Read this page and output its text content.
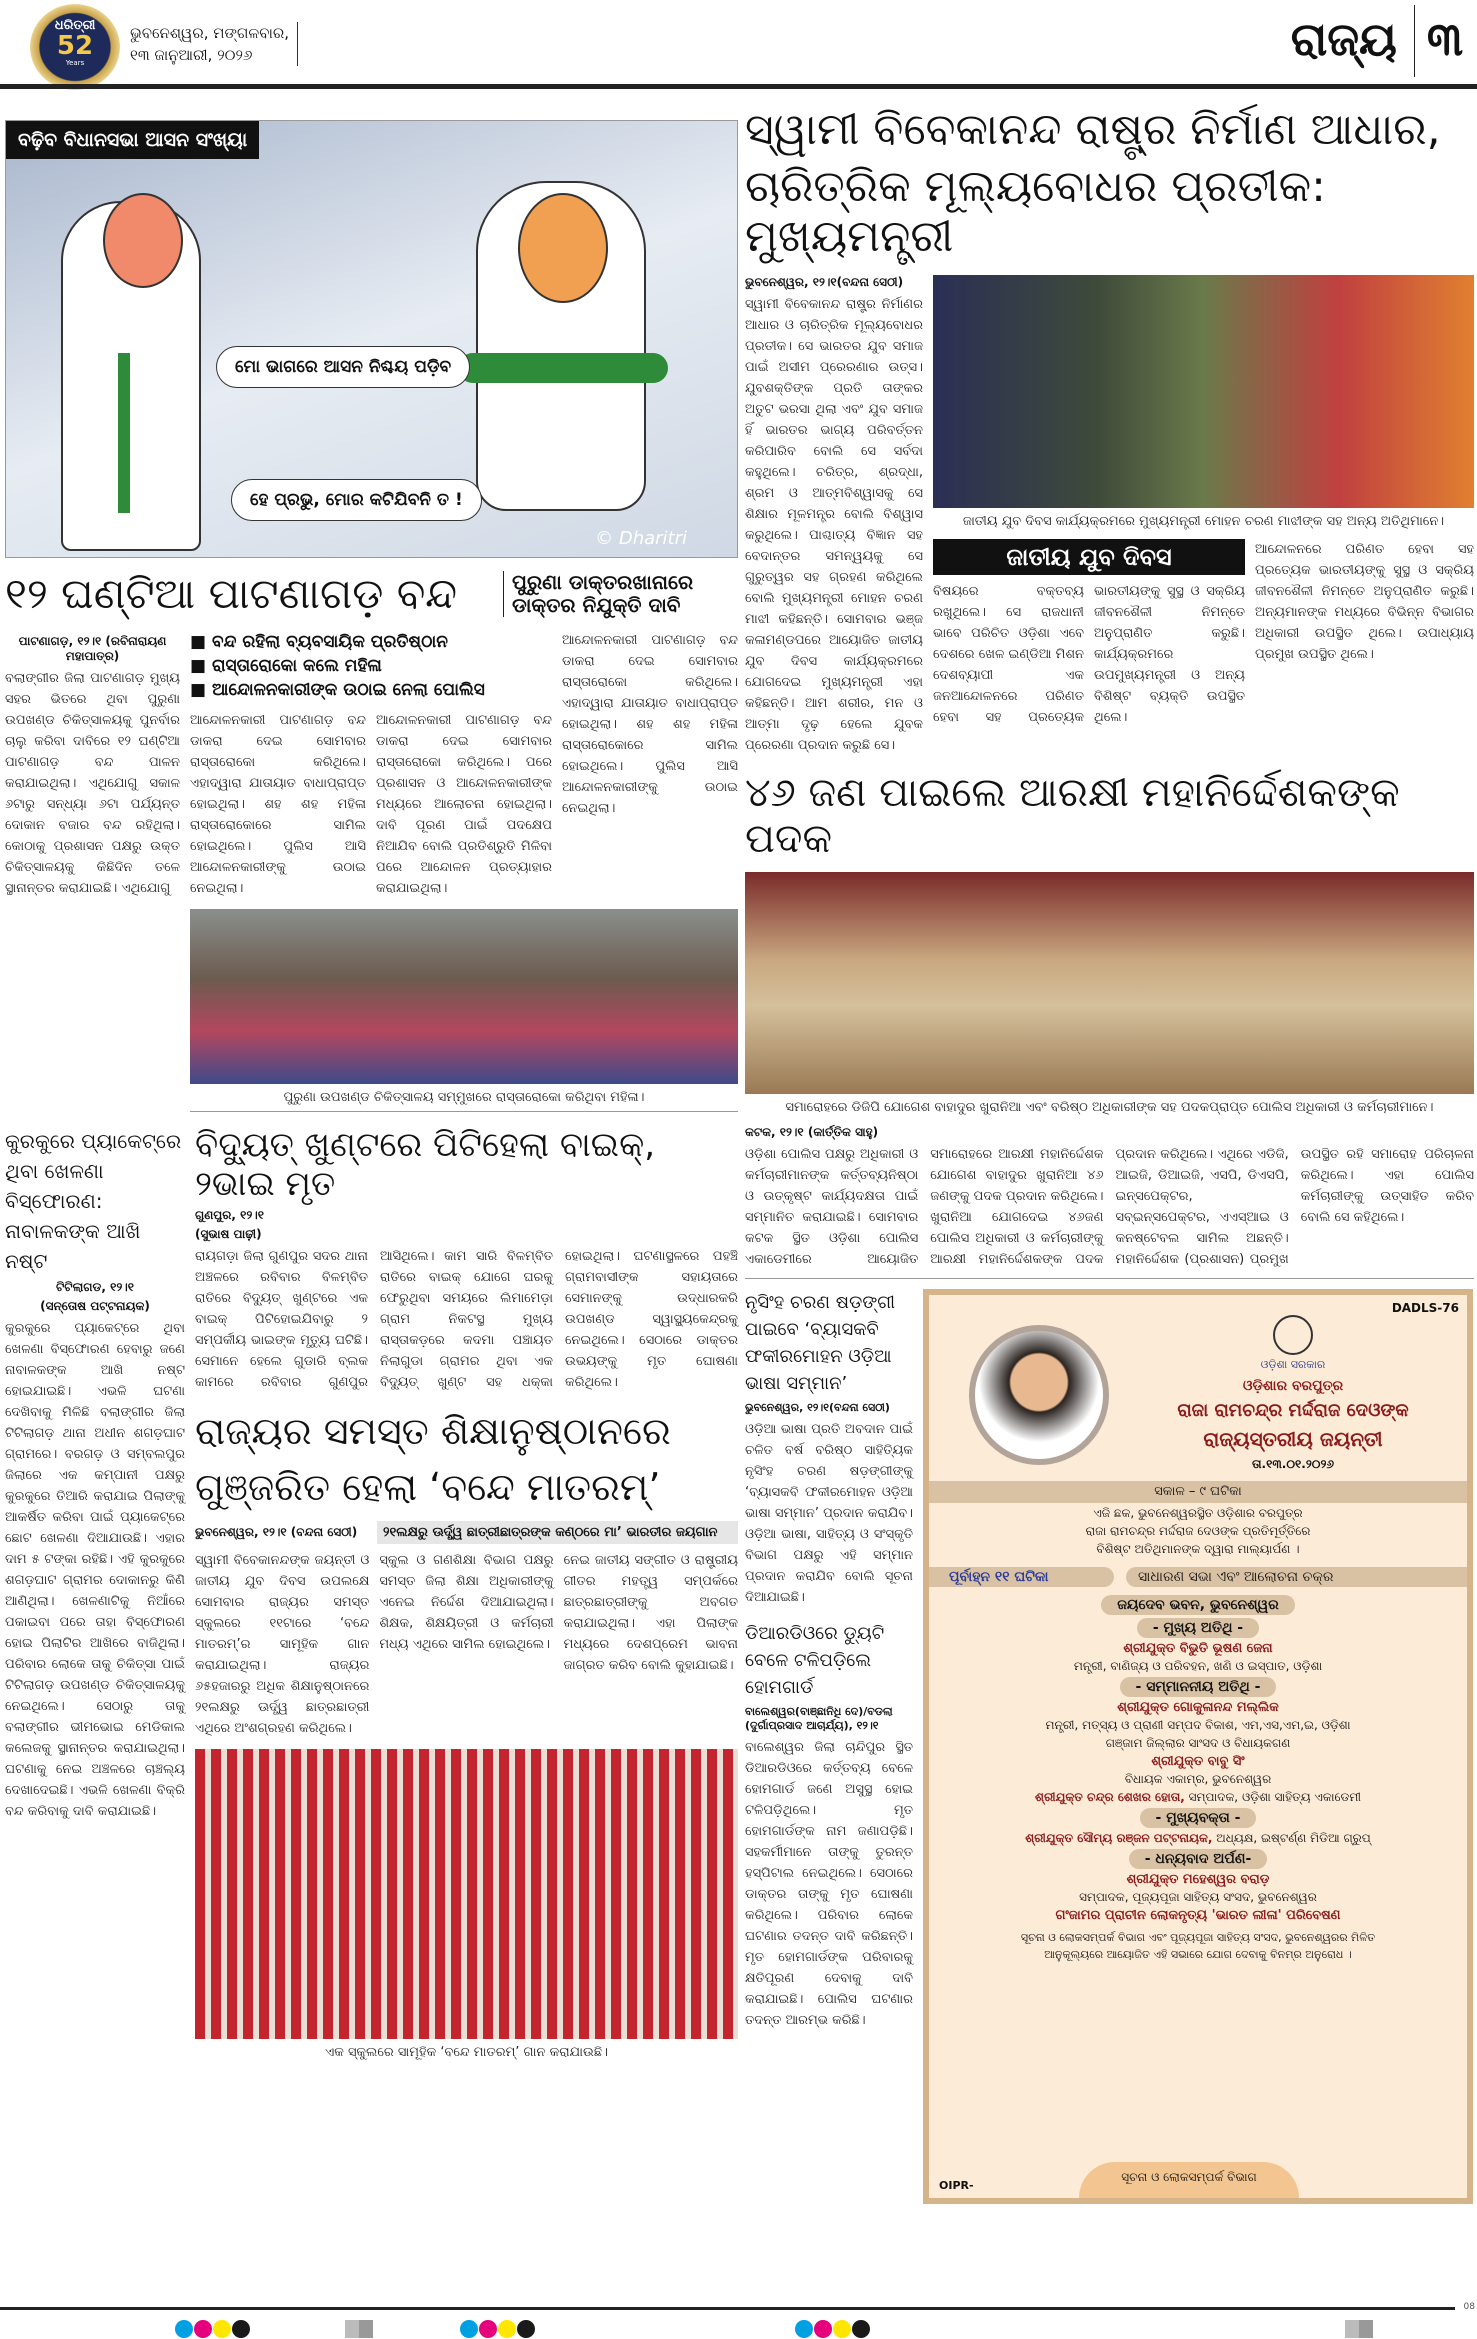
ଧରିତ୍ରୀ
52
Years
ଭୁବନେଶ୍ୱର, ମଙ୍ଗଳବାର,
୧୩ ଜାନୁଆରୀ, ୨୦୨୬	ରାଜ୍ୟ ୩
ବଢ଼ିବ ବିଧାନସଭା ଆସନ ସଂଖ୍ୟା
ମୋ ଭାଗରେ ଆସନ ନିଶ୍ଚୟ ପଡ଼ିବ
ହେ ପ୍ରଭୁ, ମୋର କଟିଯିବନି ତ !
© Dharitri
୧୨ ଘଣ୍ଟିଆ ପାଟଣାଗଡ଼ ବନ୍ଦ	ପୁରୁଣା ଡାକ୍ତରଖାନାରେ ଡାକ୍ତର ନିଯୁକ୍ତି ଦାବି
ପାଟଣାଗଡ଼, ୧୨।୧ (ରବିନାରାୟଣ ମହାପାତ୍ର)
ବଲାଙ୍ଗୀର ଜିଲା ପାଟଣାଗଡ଼ ମୁଖ୍ୟ ସହର ଭିତରେ ଥିବା ପୁରୁଣା ଉପଖଣ୍ଡ ଚିକିତ୍ସାଳୟକୁ ପୁନର୍ବାର ଚାଲୁ କରିବା ଦାବିରେ ୧୨ ଘଣ୍ଟିଆ ପାଟଣାଗଡ଼ ବନ୍ଦ ପାଳନ କରାଯାଇଥିଲା। ଏଥିଯୋଗୁ ସକାଳ ୬ଟାରୁ ସନ୍ଧ୍ୟା ୬ଟା ପର୍ଯ୍ୟନ୍ତ ଦୋକାନ ବଜାର ବନ୍ଦ ରହିଥିଲା। କୋଠାକୁ ପ୍ରଶାସନ ପକ୍ଷରୁ ଉକ୍ତ ଚିକିତ୍ସାଳୟକୁ କିଛିଦିନ ତଳେ ସ୍ଥାନାନ୍ତର କରାଯାଇଛି। ଏଥିଯୋଗୁ
■ ବନ୍ଦ ରହିଲା ବ୍ୟବସାୟିକ ପ୍ରତିଷ୍ଠାନ
■ ରାସ୍ତାରୋକୋ କଲେ ମହିଳା
■ ଆନ୍ଦୋଳନକାରୀଙ୍କ ଉଠାଇ ନେଲା ପୋଲିସ
ଆନ୍ଦୋଳନକାରୀ ପାଟଣାଗଡ଼ ବନ୍ଦ ଡାକରା ଦେଇ ସୋମବାର ରାସ୍ତାରୋକୋ କରିଥିଲେ। ଏହାଦ୍ୱାରା ଯାତାୟାତ ବାଧାପ୍ରାପ୍ତ ହୋଇଥିଲା। ଶହ ଶହ ମହିଳା ରାସ୍ତାରୋକୋରେ ସାମିଲ ହୋଇଥିଲେ। ପୁଲିସ ଆସି ଆନ୍ଦୋଳନକାରୀଙ୍କୁ ଉଠାଇ ନେଇଥିଲା।
ଆନ୍ଦୋଳନକାରୀ ପାଟଣାଗଡ଼ ବନ୍ଦ ଡାକରା ଦେଇ ସୋମବାର ରାସ୍ତାରୋକୋ କରିଥିଲେ। ପରେ ପ୍ରଶାସନ ଓ ଆନ୍ଦୋଳନକାରୀଙ୍କ ମଧ୍ୟରେ ଆଲୋଚନା ହୋଇଥିଲା। ଦାବି ପୂରଣ ପାଇଁ ପଦକ୍ଷେପ ନିଆଯିବ ବୋଲି ପ୍ରତିଶ୍ରୁତି ମିଳିବା ପରେ ଆନ୍ଦୋଳନ ପ୍ରତ୍ୟାହାର କରାଯାଇଥିଲା।
ଆନ୍ଦୋଳନକାରୀ ପାଟଣାଗଡ଼ ବନ୍ଦ ଡାକରା ଦେଇ ସୋମବାର ରାସ୍ତାରୋକୋ କରିଥିଲେ। ଏହାଦ୍ୱାରା ଯାତାୟାତ ବାଧାପ୍ରାପ୍ତ ହୋଇଥିଲା। ଶହ ଶହ ମହିଳା ରାସ୍ତାରୋକୋରେ ସାମିଲ ହୋଇଥିଲେ। ପୁଲିସ ଆସି ଆନ୍ଦୋଳନକାରୀଙ୍କୁ ଉଠାଇ ନେଇଥିଲା।
ପୁରୁଣା ଉପଖଣ୍ଡ ଚିକିତ୍ସାଳୟ ସମ୍ମୁଖରେ ରାସ୍ତାରୋକୋ କରିଥିବା ମହିଳା।
କୁରକୁରେ ପ୍ୟାକେଟ୍‌ରେ ଥିବା ଖେଳଣା ବିସ୍ଫୋରଣ: ନାବାଳକଙ୍କ ଆଖି ନଷ୍ଟ
ଟିଟିଲାଗଡ, ୧୨।୧
(ସନ୍ତୋଷ ପଟ୍ଟନାୟକ)
କୁରକୁରେ ପ୍ୟାକେଟ୍‌ରେ ଥିବା ଖେଳଣା ବିସ୍ଫୋରଣ ହେବାରୁ ଜଣେ ନାବାଳକଙ୍କ ଆଖି ନଷ୍ଟ ହୋଇଯାଇଛି। ଏଭଳି ଘଟଣା ଦେଖିବାକୁ ମିଳିଛି ବଲାଙ୍ଗୀର ଜିଲା ଟିଟିଲାଗଡ଼ ଥାନା ଅଧୀନ ଶଗଡ଼ଘାଟ ଗ୍ରାମରେ। ବରଗଡ଼ ଓ ସମ୍ବଲପୁର ଜିଲାରେ ଏକ କମ୍ପାନୀ ପକ୍ଷରୁ କୁରକୁରେ ତିଆରି କରାଯାଇ ପିଲାଙ୍କୁ ଆକର୍ଷିତ କରିବା ପାଇଁ ପ୍ୟାକେଟ୍‌ରେ ଛୋଟ ଖେଳଣା ଦିଆଯାଉଛି। ଏହାର ଦାମ ୫ ଟଙ୍କା ରହିଛି। ଏହି କୁରକୁରେ ଶଗଡ଼ଘାଟ ଗ୍ରାମର ଦୋକାନରୁ କିଣି ଆଣିଥିଲା। ଖେଳଣାଟିକୁ ନିଆଁରେ ପକାଇବା ପରେ ତାହା ବିସ୍ଫୋରଣ ହୋଇ ପିଲାଟିର ଆଖିରେ ବାଜିଥିଲା। ପରିବାର ଲୋକେ ତାକୁ ଚିକିତ୍ସା ପାଇଁ ଟିଟିଲାଗଡ଼ ଉପଖଣ୍ଡ ଚିକିତ୍ସାଳୟକୁ ନେଇଥିଲେ। ସେଠାରୁ ତାକୁ ବଲାଙ୍ଗୀର ଭୀମଭୋଇ ମେଡିକାଲ କଲେଜକୁ ସ୍ଥାନାନ୍ତର କରାଯାଇଥିଲା। ଘଟଣାକୁ ନେଇ ଅଞ୍ଚଳରେ ଚାଞ୍ଚଲ୍ୟ ଦେଖାଦେଇଛି। ଏଭଳି ଖେଳଣା ବିକ୍ରି ବନ୍ଦ କରିବାକୁ ଦାବି କରାଯାଇଛି।
ବିଦ୍ୟୁତ୍ ଖୁଣ୍ଟରେ ପିଟିହେଲା ବାଇକ୍, ୨ଭାଇ ମୃତ
ଗୁଣପୁର, ୧୨।୧
(ସୁଭାଷ ପାଢ଼ୀ)
ରାୟଗଡ଼ା ଜିଲା ଗୁଣପୁର ସଦର ଥାନା ଅଞ୍ଚଳରେ ରବିବାର ବିଳମ୍ବିତ ରାତିରେ ବିଦ୍ୟୁତ୍ ଖୁଣ୍ଟରେ ଏକ ବାଇକ୍ ପିଟିହୋଇଯିବାରୁ ୨ ସମ୍ପର୍କୀୟ ଭାଇଙ୍କ ମୃତ୍ୟୁ ଘଟିଛି। ସେମାନେ ହେଲେ ଗୁଡାରି ବ୍ଲକ କାମରେ ରବିବାର ଗୁଣପୁର ଆସିଥିଲେ। କାମ ସାରି ବିଳମ୍ବିତ ରାତିରେ ବାଇକ୍ ଯୋଗେ ଘରକୁ ଫେରୁଥିବା ସମୟରେ ଲିମାମେଡ଼ା ଗ୍ରାମ ନିକଟସ୍ଥ ମୁଖ୍ୟ ରାସ୍ତାକଡ଼ରେ କଦମା ପଞ୍ଚାୟତ ନିଲାଗୁଡା ଗ୍ରାମର ଥିବା ଏକ ବିଦ୍ୟୁତ୍ ଖୁଣ୍ଟ ସହ ଧକ୍କା ହୋଇଥିଲା। ଘଟଣାସ୍ଥଳରେ ପହଞ୍ଚି ଗ୍ରାମବାସୀଙ୍କ ସହାୟତାରେ ସେମାନଙ୍କୁ ଉଦ୍ଧାରକରି ଉପଖଣ୍ଡ ସ୍ୱାସ୍ଥ୍ୟକେନ୍ଦ୍ରକୁ ନେଇଥିଲେ। ସେଠାରେ ଡାକ୍ତର ଉଭୟଙ୍କୁ ମୃତ ଘୋଷଣା କରିଥିଲେ।
ରାଜ୍ୟର ସମସ୍ତ ଶିକ୍ଷାନୁଷ୍ଠାନରେ ଗୁଞ୍ଜରିତ ହେଲା ‘ବନ୍ଦେ ମାତରମ୍’
ଭୁବନେଶ୍ୱର, ୧୨।୧ (ବନ୍ଦନା ସେଠୀ)	୨୧ଲକ୍ଷରୁ ଊର୍ଦ୍ଧ୍ୱ ଛାତ୍ରୀଛାତ୍ରଙ୍କ କଣ୍ଠରେ ମା’ ଭାରତୀର ଜୟଗାନ
ସ୍ୱାମୀ ବିବେକାନନ୍ଦଙ୍କ ଜୟନ୍ତୀ ଓ ଜାତୀୟ ଯୁବ ଦିବସ ଉପଲକ୍ଷେ ସୋମବାର ରାଜ୍ୟର ସମସ୍ତ ସ୍କୁଲରେ ୧୧ଟାରେ ‘ବନ୍ଦେ ମାତରମ୍’ର ସାମୂହିକ ଗାନ କରାଯାଇଥିଲା। ରାଜ୍ୟର ୬୫ହଜାରରୁ ଅଧିକ ଶିକ୍ଷାନୁଷ୍ଠାନରେ ୨୧ଲକ୍ଷରୁ ଊର୍ଦ୍ଧ୍ୱ ଛାତ୍ରଛାତ୍ରୀ ଏଥିରେ ଅଂଶଗ୍ରହଣ କରିଥିଲେ।
ସ୍କୁଲ ଓ ଗଣଶିକ୍ଷା ବିଭାଗ ପକ୍ଷରୁ ସମସ୍ତ ଜିଲା ଶିକ୍ଷା ଅଧିକାରୀଙ୍କୁ ଏନେଇ ନିର୍ଦ୍ଦେଶ ଦିଆଯାଇଥିଲା। ଶିକ୍ଷକ, ଶିକ୍ଷୟିତ୍ରୀ ଓ କର୍ମଚାରୀ ମଧ୍ୟ ଏଥିରେ ସାମିଲ ହୋଇଥିଲେ।
ନେଇ ଜାତୀୟ ସଙ୍ଗୀତ ଓ ରାଷ୍ଟ୍ରୀୟ ଗୀତର ମହତ୍ତ୍ୱ ସମ୍ପର୍କରେ ଛାତ୍ରଛାତ୍ରୀଙ୍କୁ ଅବଗତ କରାଯାଇଥିଲା। ଏହା ପିଲାଙ୍କ ମଧ୍ୟରେ ଦେଶପ୍ରେମ ଭାବନା ଜାଗ୍ରତ କରିବ ବୋଲି କୁହାଯାଇଛି।
ଏକ ସ୍କୁଲରେ ସାମୂହିକ ‘ବନ୍ଦେ ମାତରମ୍’ ଗାନ କରାଯାଉଛି।
ସ୍ୱାମୀ ବିବେକାନନ୍ଦ ରାଷ୍ଟ୍ର ନିର୍ମାଣ ଆଧାର,
ଚାରିତ୍ରିକ ମୂଲ୍ୟବୋଧର ପ୍ରତୀକ: ମୁଖ୍ୟମନ୍ତ୍ରୀ
ଭୁବନେଶ୍ୱର, ୧୨।୧(ବନ୍ଦନା ସେଠୀ)
ସ୍ୱାମୀ ବିବେକାନନ୍ଦ ରାଷ୍ଟ୍ର ନିର୍ମାଣର ଆଧାର ଓ ଚାରିତ୍ରିକ ମୂଲ୍ୟବୋଧର ପ୍ରତୀକ। ସେ ଭାରତର ଯୁବ ସମାଜ ପାଇଁ ଅସୀମ ପ୍ରେରଣାର ଉତ୍ସ। ଯୁବଶକ୍ତିଙ୍କ ପ୍ରତି ତାଙ୍କର ଅତୁଟ ଭରସା ଥିଲା ଏବଂ ଯୁବ ସମାଜ ହିଁ ଭାରତର ଭାଗ୍ୟ ପରିବର୍ତ୍ତନ କରିପାରିବ ବୋଲି ସେ ସର୍ବଦା କହୁଥିଲେ। ଚରିତ୍ର, ଶ୍ରଦ୍ଧା, ଶ୍ରମ ଓ ଆତ୍ମବିଶ୍ୱାସକୁ ସେ ଶିକ୍ଷାର ମୂଳମନ୍ତ୍ର ବୋଲି ବିଶ୍ୱାସ କରୁଥିଲେ। ପାଶ୍ଚାତ୍ୟ ବିଜ୍ଞାନ ସହ ବେଦାନ୍ତର ସମନ୍ୱୟକୁ ସେ ଗୁରୁତ୍ୱର ସହ ଗ୍ରହଣ କରିଥିଲେ ବୋଲି ମୁଖ୍ୟମନ୍ତ୍ରୀ ମୋହନ ଚରଣ ମାଝୀ କହିଛନ୍ତି। ସୋମବାର ଭଞ୍ଜ କଳାମଣ୍ଡପରେ ଆୟୋଜିତ ଜାତୀୟ ଯୁବ ଦିବସ କାର୍ଯ୍ୟକ୍ରମରେ ଯୋଗଦେଇ ମୁଖ୍ୟମନ୍ତ୍ରୀ ଏହା କହିଛନ୍ତି। ଆମ ଶରୀର, ମନ ଓ ଆତ୍ମା ଦୃଢ଼ ହେଲେ ଯୁବକ ପ୍ରେରଣା ପ୍ରଦାନ କରୁଛି ସେ।
ଜାତୀୟ ଯୁବ ଦିବସ କାର୍ଯ୍ୟକ୍ରମରେ ମୁଖ୍ୟମନ୍ତ୍ରୀ ମୋହନ ଚରଣ ମାଝୀଙ୍କ ସହ ଅନ୍ୟ ଅତିଥିମାନେ।
ଜାତୀୟ ଯୁବ ଦିବସ
ବିଷୟରେ ବକ୍ତବ୍ୟ ରଖୁଥିଲେ। ସେ ରାଜଧାନୀ ଭାବେ ପରିଚିତ ଓଡ଼ିଶା ଏବେ ଦେଶରେ ଖେଳ ଇଣ୍ଡିଆ ମିଶନ ଦେଶବ୍ୟାପୀ ଏକ ଜନଆନ୍ଦୋଳନରେ ପରିଣତ ହେବା ସହ ପ୍ରତ୍ୟେକ ଭାରତୀୟଙ୍କୁ ସୁସ୍ଥ ଓ ସକ୍ରିୟ ଜୀବନଶୈଳୀ ନିମନ୍ତେ ଅନୁପ୍ରାଣିତ କରୁଛି। କାର୍ଯ୍ୟକ୍ରମରେ ଉପମୁଖ୍ୟମନ୍ତ୍ରୀ ଓ ଅନ୍ୟ ବିଶିଷ୍ଟ ବ୍ୟକ୍ତି ଉପସ୍ଥିତ ଥିଲେ।
ଆନ୍ଦୋଳନରେ ପରିଣତ ହେବା ସହ ପ୍ରତ୍ୟେକ ଭାରତୀୟଙ୍କୁ ସୁସ୍ଥ ଓ ସକ୍ରିୟ ଜୀବନଶୈଳୀ ନିମନ୍ତେ ଅନୁପ୍ରାଣିତ କରୁଛି। ଅନ୍ୟମାନଙ୍କ ମଧ୍ୟରେ ବିଭିନ୍ନ ବିଭାଗର ଅଧିକାରୀ ଉପସ୍ଥିତ ଥିଲେ। ଉପାଧ୍ୟାୟ ପ୍ରମୁଖ ଉପସ୍ଥିତ ଥିଲେ।
୪୬ ଜଣ ପାଇଲେ ଆରକ୍ଷୀ ମହାନିର୍ଦ୍ଦେଶକଙ୍କ ପଦକ
ସମାରୋହରେ ଡିଜିପି ଯୋଗେଶ ବାହାଦୁର ଖୁରାନିଆ ଏବଂ ବରିଷ୍ଠ ଅଧିକାରୀଙ୍କ ସହ ପଦକପ୍ରାପ୍ତ ପୋଲିସ ଅଧିକାରୀ ଓ କର୍ମଚାରୀମାନେ।
କଟକ, ୧୨।୧ (କାର୍ତ୍ତିକ ସାହୁ)
ଓଡ଼ିଶା ପୋଲିସ ପକ୍ଷରୁ ଅଧିକାରୀ ଓ କର୍ମଚାରୀମାନଙ୍କ କର୍ତ୍ତବ୍ୟନିଷ୍ଠା ଓ ଉତ୍କୃଷ୍ଟ କାର୍ଯ୍ୟଦକ୍ଷତା ପାଇଁ ସମ୍ମାନିତ କରାଯାଇଛି। ସୋମବାର କଟକ ସ୍ଥିତ ଓଡ଼ିଶା ପୋଲିସ ଏକାଡେମୀରେ ଆୟୋଜିତ ସମାରୋହରେ ଆରକ୍ଷୀ ମହାନିର୍ଦ୍ଦେଶକ ଯୋଗେଶ ବାହାଦୁର ଖୁରାନିଆ ୪୬ ଜଣଙ୍କୁ ପଦକ ପ୍ରଦାନ କରିଥିଲେ। ଖୁରାନିଆ ଯୋଗଦେଇ ୪୬ଜଣ ପୋଲିସ ଅଧିକାରୀ ଓ କର୍ମଚାରୀଙ୍କୁ ଆରକ୍ଷୀ ମହାନିର୍ଦ୍ଦେଶକଙ୍କ ପଦକ ପ୍ରଦାନ କରିଥିଲେ। ଏଥିରେ ଏଡିଜି, ଆଇଜି, ଡିଆଇଜି, ଏସପି, ଡିଏସପି, ଇନ୍‌ସପେକ୍ଟର, ସବ୍‌ଇନ୍‌ସପେକ୍ଟର, ଏଏସ୍‌ଆଇ ଓ କନଷ୍ଟେବଲ ସାମିଲ ଅଛନ୍ତି। ମହାନିର୍ଦ୍ଦେଶକ (ପ୍ରଶାସନ) ପ୍ରମୁଖ ଉପସ୍ଥିତ ରହି ସମାରୋହ ପରିଚାଳନା କରିଥିଲେ। ଏହା ପୋଲିସ କର୍ମଚାରୀଙ୍କୁ ଉତ୍ସାହିତ କରିବ ବୋଲି ସେ କହିଥିଲେ।
ନୃସିଂହ ଚରଣ ଷଡ଼ଙ୍ଗୀ ପାଇବେ ‘ବ୍ୟାସକବି ଫକୀରମୋହନ ଓଡ଼ିଆ ଭାଷା ସମ୍ମାନ’
ଭୁବନେଶ୍ୱର, ୧୨।୧(ବନ୍ଦନା ସେଠୀ)
ଓଡ଼ିଆ ଭାଷା ପ୍ରତି ଅବଦାନ ପାଇଁ ଚଳିତ ବର୍ଷ ବରିଷ୍ଠ ସାହିତ୍ୟିକ ନୃସିଂହ ଚରଣ ଷଡ଼ଙ୍ଗୀଙ୍କୁ ‘ବ୍ୟାସକବି ଫକୀରମୋହନ ଓଡ଼ିଆ ଭାଷା ସମ୍ମାନ’ ପ୍ରଦାନ କରାଯିବ। ଓଡ଼ିଆ ଭାଷା, ସାହିତ୍ୟ ଓ ସଂସ୍କୃତି ବିଭାଗ ପକ୍ଷରୁ ଏହି ସମ୍ମାନ ପ୍ରଦାନ କରାଯିବ ବୋଲି ସୂଚନା ଦିଆଯାଇଛି।
ଡିଆରଡିଓରେ ଡ୍ୟୁଟି ବେଳେ ଟଳିପଡ଼ିଲେ ହୋମଗାର୍ଡ
ବାଲେଶ୍ୱର(ବାଞ୍ଛାନିଧି ଦେ)/ବଡଲା (ଦୁର୍ଗାପ୍ରସାଦ ଆଚାର୍ଯ୍ୟ), ୧୨।୧
ବାଲେଶ୍ୱର ଜିଲା ଚାନ୍ଦିପୁର ସ୍ଥିତ ଡିଆରଡିଓରେ କର୍ତ୍ତବ୍ୟ ବେଳେ ହୋମଗାର୍ଡ ଜଣେ ଅସୁସ୍ଥ ହୋଇ ଟଳିପଡ଼ିଥିଲେ। ମୃତ ହୋମଗାର୍ଡଙ୍କ ନାମ ଜଣାପଡ଼ିଛି। ସହକର୍ମୀମାନେ ତାଙ୍କୁ ତୁରନ୍ତ ହସ୍ପିଟାଲ ନେଇଥିଲେ। ସେଠାରେ ଡାକ୍ତର ତାଙ୍କୁ ମୃତ ଘୋଷଣା କରିଥିଲେ। ପରିବାର ଲୋକେ ଘଟଣାର ତଦନ୍ତ ଦାବି କରିଛନ୍ତି। ମୃତ ହୋମଗାର୍ଡଙ୍କ ପରିବାରକୁ କ୍ଷତିପୂରଣ ଦେବାକୁ ଦାବି କରାଯାଇଛି। ପୋଲିସ ଘଟଣାର ତଦନ୍ତ ଆରମ୍ଭ କରିଛି।
DADLS-76
ଓଡ଼ିଶା ସରକାର
ଓଡ଼ିଶାର ବରପୁତ୍ର
ରାଜା ରାମଚନ୍ଦ୍ର ମର୍ଦ୍ଦରାଜ ଦେଓଙ୍କ
ରାଜ୍ୟସ୍ତରୀୟ ଜୟନ୍ତୀ
ତା.୧୩.୦୧.୨୦୨୬
ସକାଳ – ୯ ଘଟିକା
ଏଜି ଛକ, ଭୁବନେଶ୍ୱରସ୍ଥିତ ଓଡ଼ିଶାର ବରପୁତ୍ର
ରାଜା ରାମଚନ୍ଦ୍ର ମର୍ଦ୍ଦରାଜ ଦେଓଙ୍କ ପ୍ରତିମୂର୍ତ୍ତିରେ
ବିଶିଷ୍ଟ ଅତିଥିମାନଙ୍କ ଦ୍ୱାରା ମାଲ୍ୟାର୍ପଣ ।
ପୂର୍ବାହ୍ନ ୧୧ ଘଟିକା	ସାଧାରଣ ସଭା ଏବଂ ଆଲୋଚନା ଚକ୍ର
ଜୟଦେବ ଭବନ, ଭୁବନେଶ୍ୱର
- ମୁଖ୍ୟ ଅତିଥି -
ଶ୍ରୀଯୁକ୍ତ ବିଭୁତି ଭୂଷଣ ଜେନା
ମନ୍ତ୍ରୀ, ବାଣିଜ୍ୟ ଓ ପରିବହନ, ଖଣି ଓ ଇସ୍ପାତ, ଓଡ଼ିଶା
- ସମ୍ମାନନୀୟ ଅତିଥି -
ଶ୍ରୀଯୁକ୍ତ ଗୋକୁଳାନନ୍ଦ ମଲ୍ଲିକ
ମନ୍ତ୍ରୀ, ମତ୍ସ୍ୟ ଓ ପ୍ରାଣୀ ସମ୍ପଦ ବିକାଶ, ଏମ,ଏସ,ଏମ,ଇ, ଓଡ଼ିଶା
ଗଞ୍ଜାମ ଜିଲ୍ଲାର ସାଂସଦ ଓ ବିଧାୟକଗଣ
ଶ୍ରୀଯୁକ୍ତ ବାବୁ ସିଂ
ବିଧାୟକ ଏକାମ୍ର, ଭୁବନେଶ୍ୱର
ଶ୍ରୀଯୁକ୍ତ ଚନ୍ଦ୍ର ଶେଖର ହୋତା, ସମ୍ପାଦକ, ଓଡ଼ିଶା ସାହିତ୍ୟ ଏକାଡେମୀ
- ମୁଖ୍ୟବକ୍ତା -
ଶ୍ରୀଯୁକ୍ତ ସୌମ୍ୟ ରଞ୍ଜନ ପଟ୍ଟନାୟକ, ଅଧ୍ୟକ୍ଷ, ଇଷ୍ଟର୍ଣ୍ଣ ମିଡିଆ ଗ୍ରୁପ୍
- ଧନ୍ୟବାଦ ଅର୍ପଣ-
ଶ୍ରୀଯୁକ୍ତ ମହେଶ୍ୱର ବରାଡ଼
ସମ୍ପାଦକ, ପୂଜ୍ୟପୂଜା ସାହିତ୍ୟ ସଂସଦ, ଭୁବନେଶ୍ୱର
ଗଂଜାମର ପ୍ରାଚୀନ ଲୋକନୃତ୍ୟ 'ଭାରତ ଲୀଳା' ପରିବେଷଣ
ସୂଚନା ଓ ଲୋକସମ୍ପର୍କ ବିଭାଗ ଏବଂ ପୂଜ୍ୟପୂଜା ସାହିତ୍ୟ ସଂସଦ, ଭୁବନେଶ୍ୱରର ମିଳିତ
ଆନୁକୂଲ୍ୟରେ ଆୟୋଜିତ ଏହି ସଭାରେ ଯୋଗ ଦେବାକୁ ବିନମ୍ର ଅନୁରୋଧ ।
ସୂଚନା ଓ ଲୋକସମ୍ପର୍କ ବିଭାଗ
OIPR-
08
